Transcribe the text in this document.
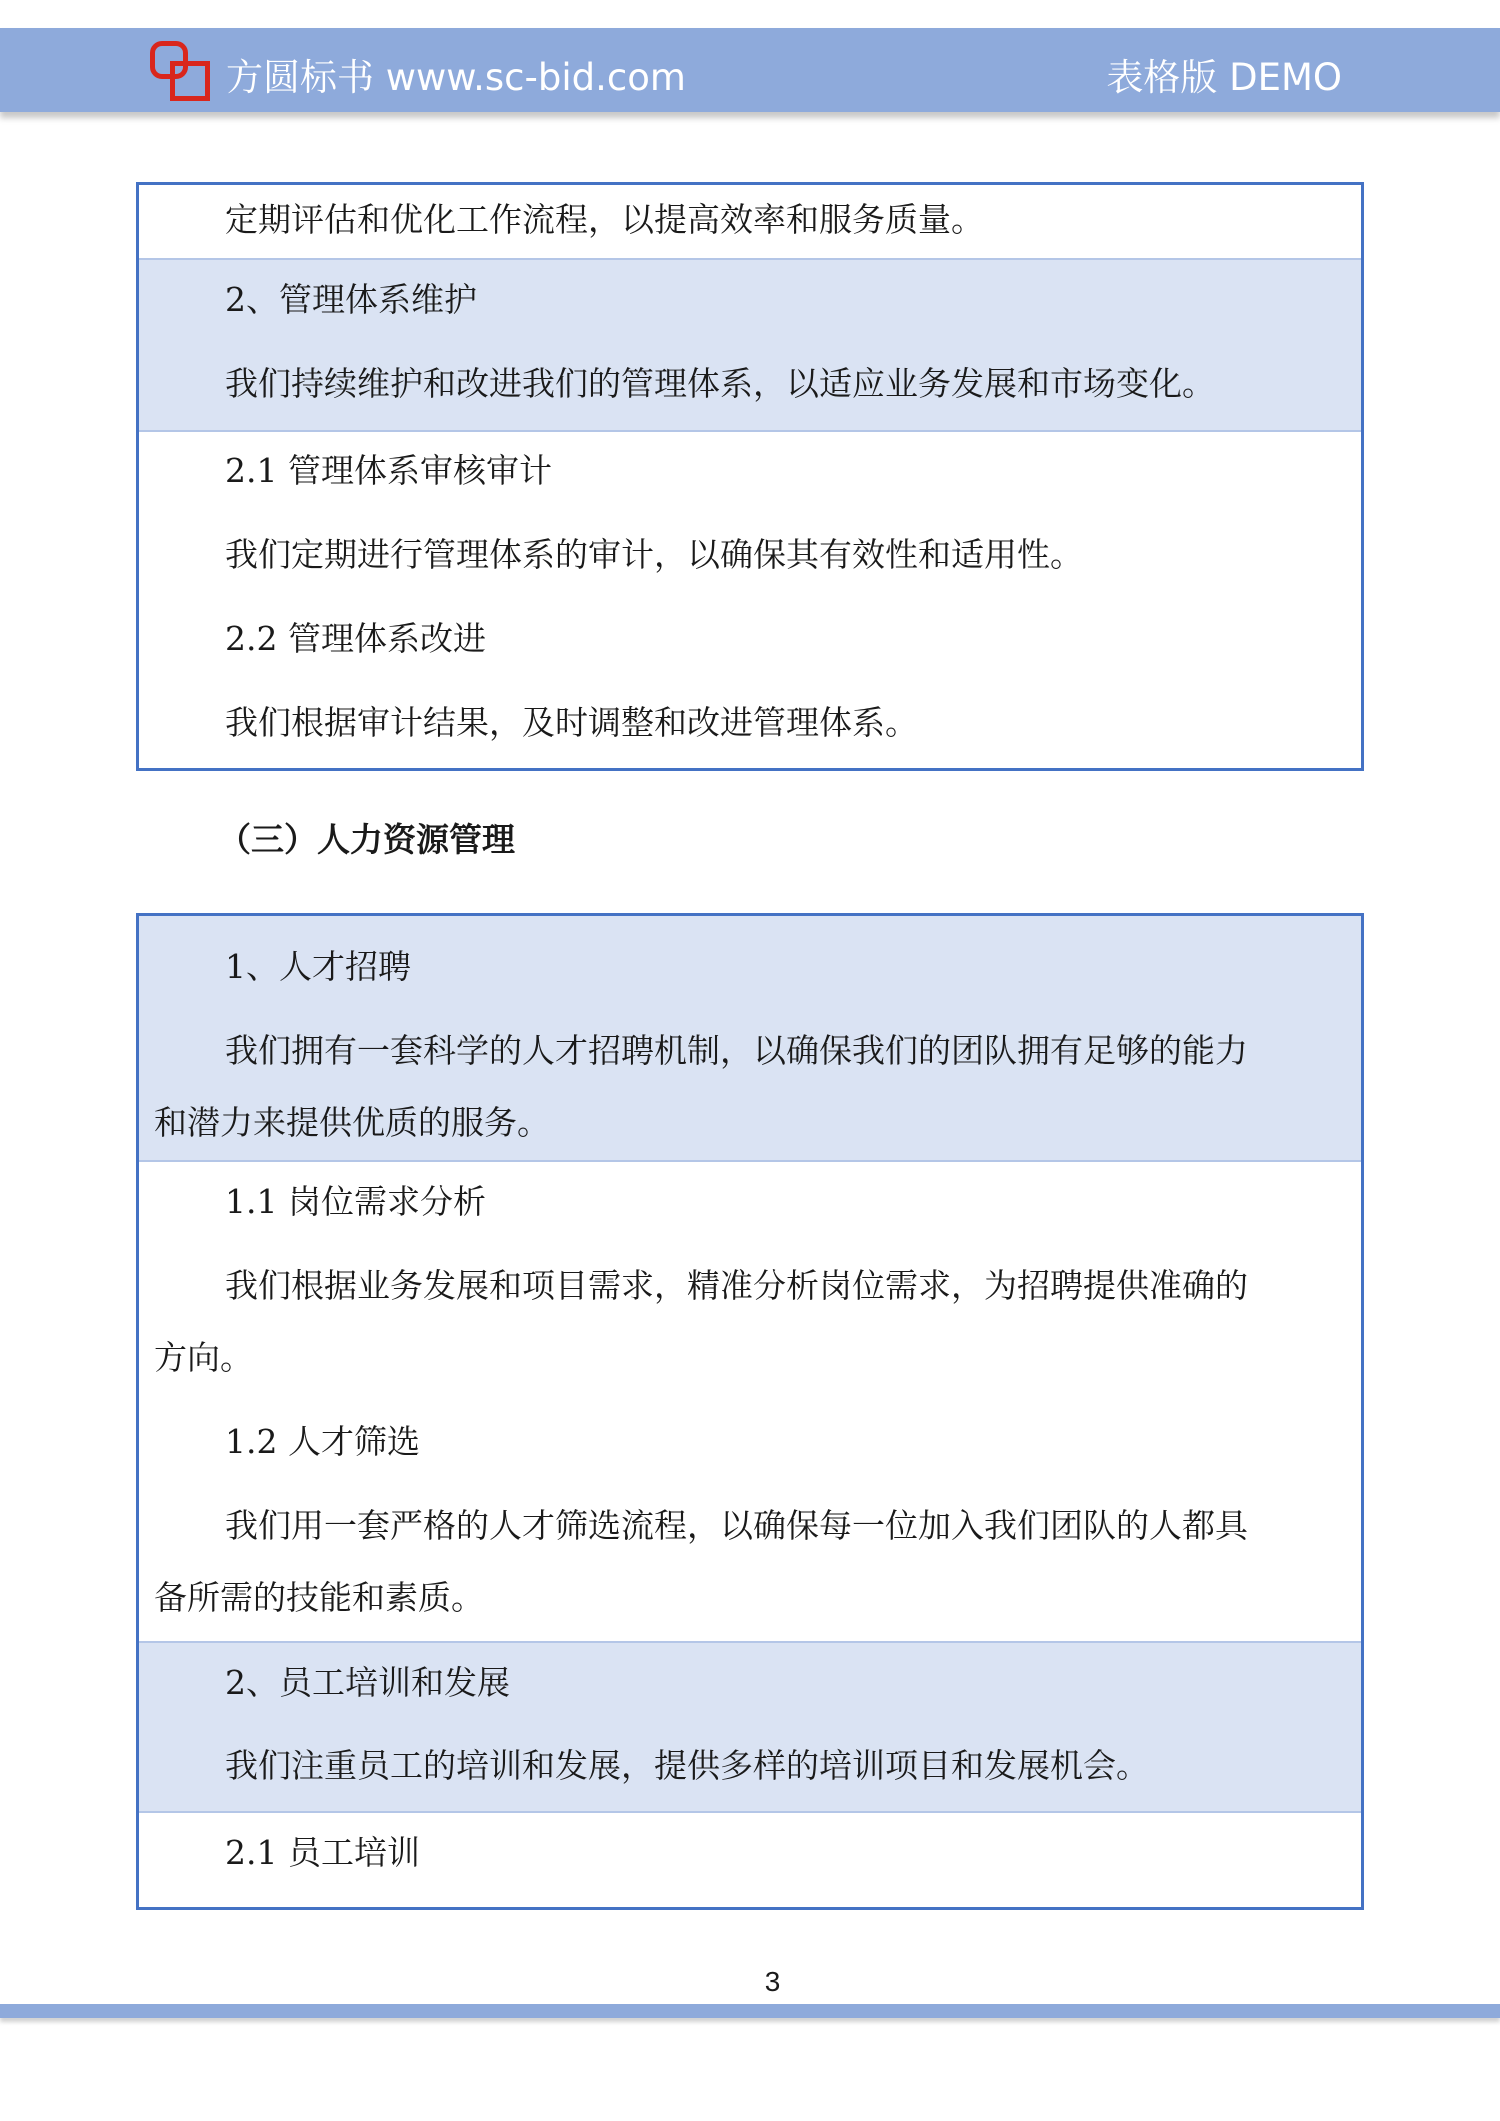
方圆标书 www.sc-bid.com	表格版 DEMO
定期评估和优化工作流程，以提高效率和服务质量。
2、管理体系维护
我们持续维护和改进我们的管理体系，以适应业务发展和市场变化。
2.1 管理体系审核审计
我们定期进行管理体系的审计，以确保其有效性和适用性。
2.2 管理体系改进
我们根据审计结果，及时调整和改进管理体系。
（三）人力资源管理
1、人才招聘
我们拥有一套科学的人才招聘机制，以确保我们的团队拥有足够的能力
和潜力来提供优质的服务。
1.1 岗位需求分析
我们根据业务发展和项目需求，精准分析岗位需求，为招聘提供准确的
方向。
1.2 人才筛选
我们用一套严格的人才筛选流程，以确保每一位加入我们团队的人都具
备所需的技能和素质。
2、员工培训和发展
我们注重员工的培训和发展，提供多样的培训项目和发展机会。
2.1 员工培训
3
